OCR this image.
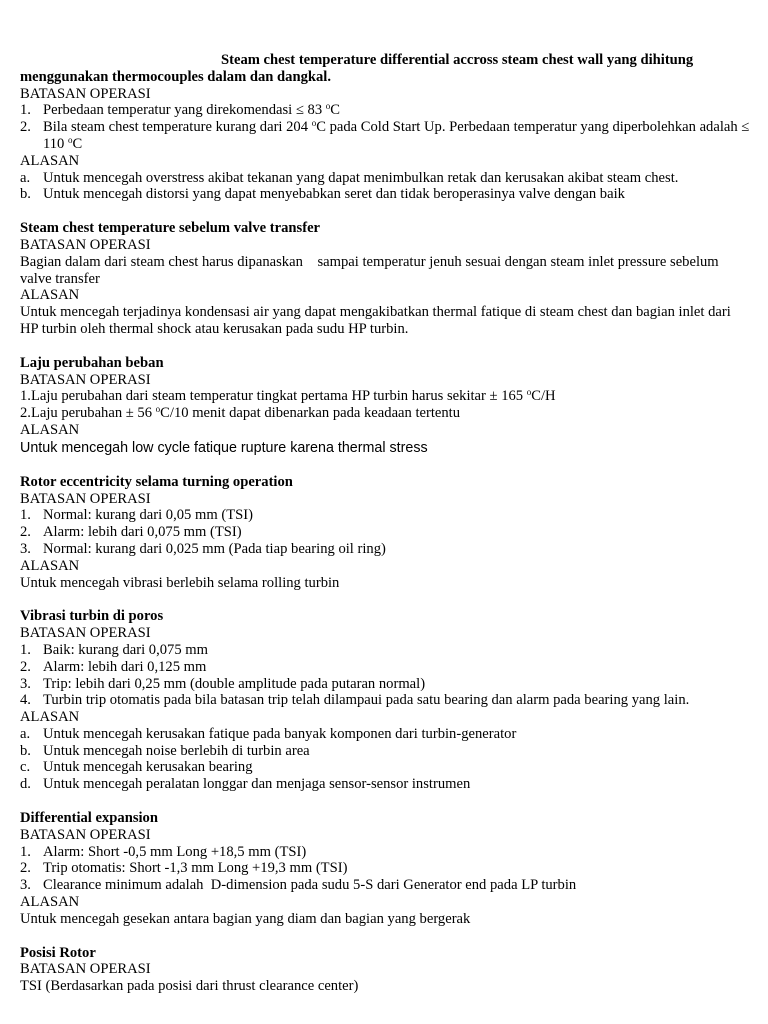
Steam chest temperature differential accross steam chest wall yang dihitung
menggunakan thermocouples dalam dan dangkal.
BATASAN OPERASI
1. Perbedaan temperatur yang direkomendasi ≤ 83 $^o$C
2. Bila steam chest temperature kurang dari 204 $^o$C pada Cold Start Up. Perbedaan temperatur yang diperbolehkan adalah ≤ 110 $^o$C
ALASAN
a. Untuk mencegah overstress akibat tekanan yang dapat menimbulkan retak dan kerusakan akibat steam chest.
b. Untuk mencegah distorsi yang dapat menyebabkan seret dan tidak beroperasinya valve dengan baik
Steam chest temperature sebelum valve transfer
BATASAN OPERASI
Bagian dalam dari steam chest harus dipanaskan    sampai temperatur jenuh sesuai dengan steam inlet pressure sebelum valve transfer
ALASAN
Untuk mencegah terjadinya kondensasi air yang dapat mengakibatkan thermal fatique di steam chest dan bagian inlet dari HP turbin oleh thermal shock atau kerusakan pada sudu HP turbin.
Laju perubahan beban
BATASAN OPERASI
1.Laju perubahan dari steam temperatur tingkat pertama HP turbin harus sekitar ± 165 $^o$C/H
2.Laju perubahan ± 56 $^o$C/10 menit dapat dibenarkan pada keadaan tertentu
ALASAN
Untuk mencegah low cycle fatique rupture karena thermal stress
Rotor eccentricity selama turning operation
BATASAN OPERASI
1. Normal: kurang dari 0,05 mm (TSI)
2. Alarm: lebih dari 0,075 mm (TSI)
3. Normal: kurang dari 0,025 mm (Pada tiap bearing oil ring)
ALASAN
Untuk mencegah vibrasi berlebih selama rolling turbin
Vibrasi turbin di poros
BATASAN OPERASI
1. Baik: kurang dari 0,075 mm
2. Alarm: lebih dari 0,125 mm
3. Trip: lebih dari 0,25 mm (double amplitude pada putaran normal)
4. Turbin trip otomatis pada bila batasan trip telah dilampaui pada satu bearing dan alarm pada bearing yang lain.
ALASAN
a. Untuk mencegah kerusakan fatique pada banyak komponen dari turbin-generator
b. Untuk mencegah noise berlebih di turbin area
c. Untuk mencegah kerusakan bearing
d. Untuk mencegah peralatan longgar dan menjaga sensor-sensor instrumen
Differential expansion
BATASAN OPERASI
1. Alarm: Short -0,5 mm Long +18,5 mm (TSI)
2. Trip otomatis: Short -1,3 mm Long +19,3 mm (TSI)
3. Clearance minimum adalah  D-dimension pada sudu 5-S dari Generator end pada LP turbin
ALASAN
Untuk mencegah gesekan antara bagian yang diam dan bagian yang bergerak
Posisi Rotor
BATASAN OPERASI
TSI (Berdasarkan pada posisi dari thrust clearance center)
